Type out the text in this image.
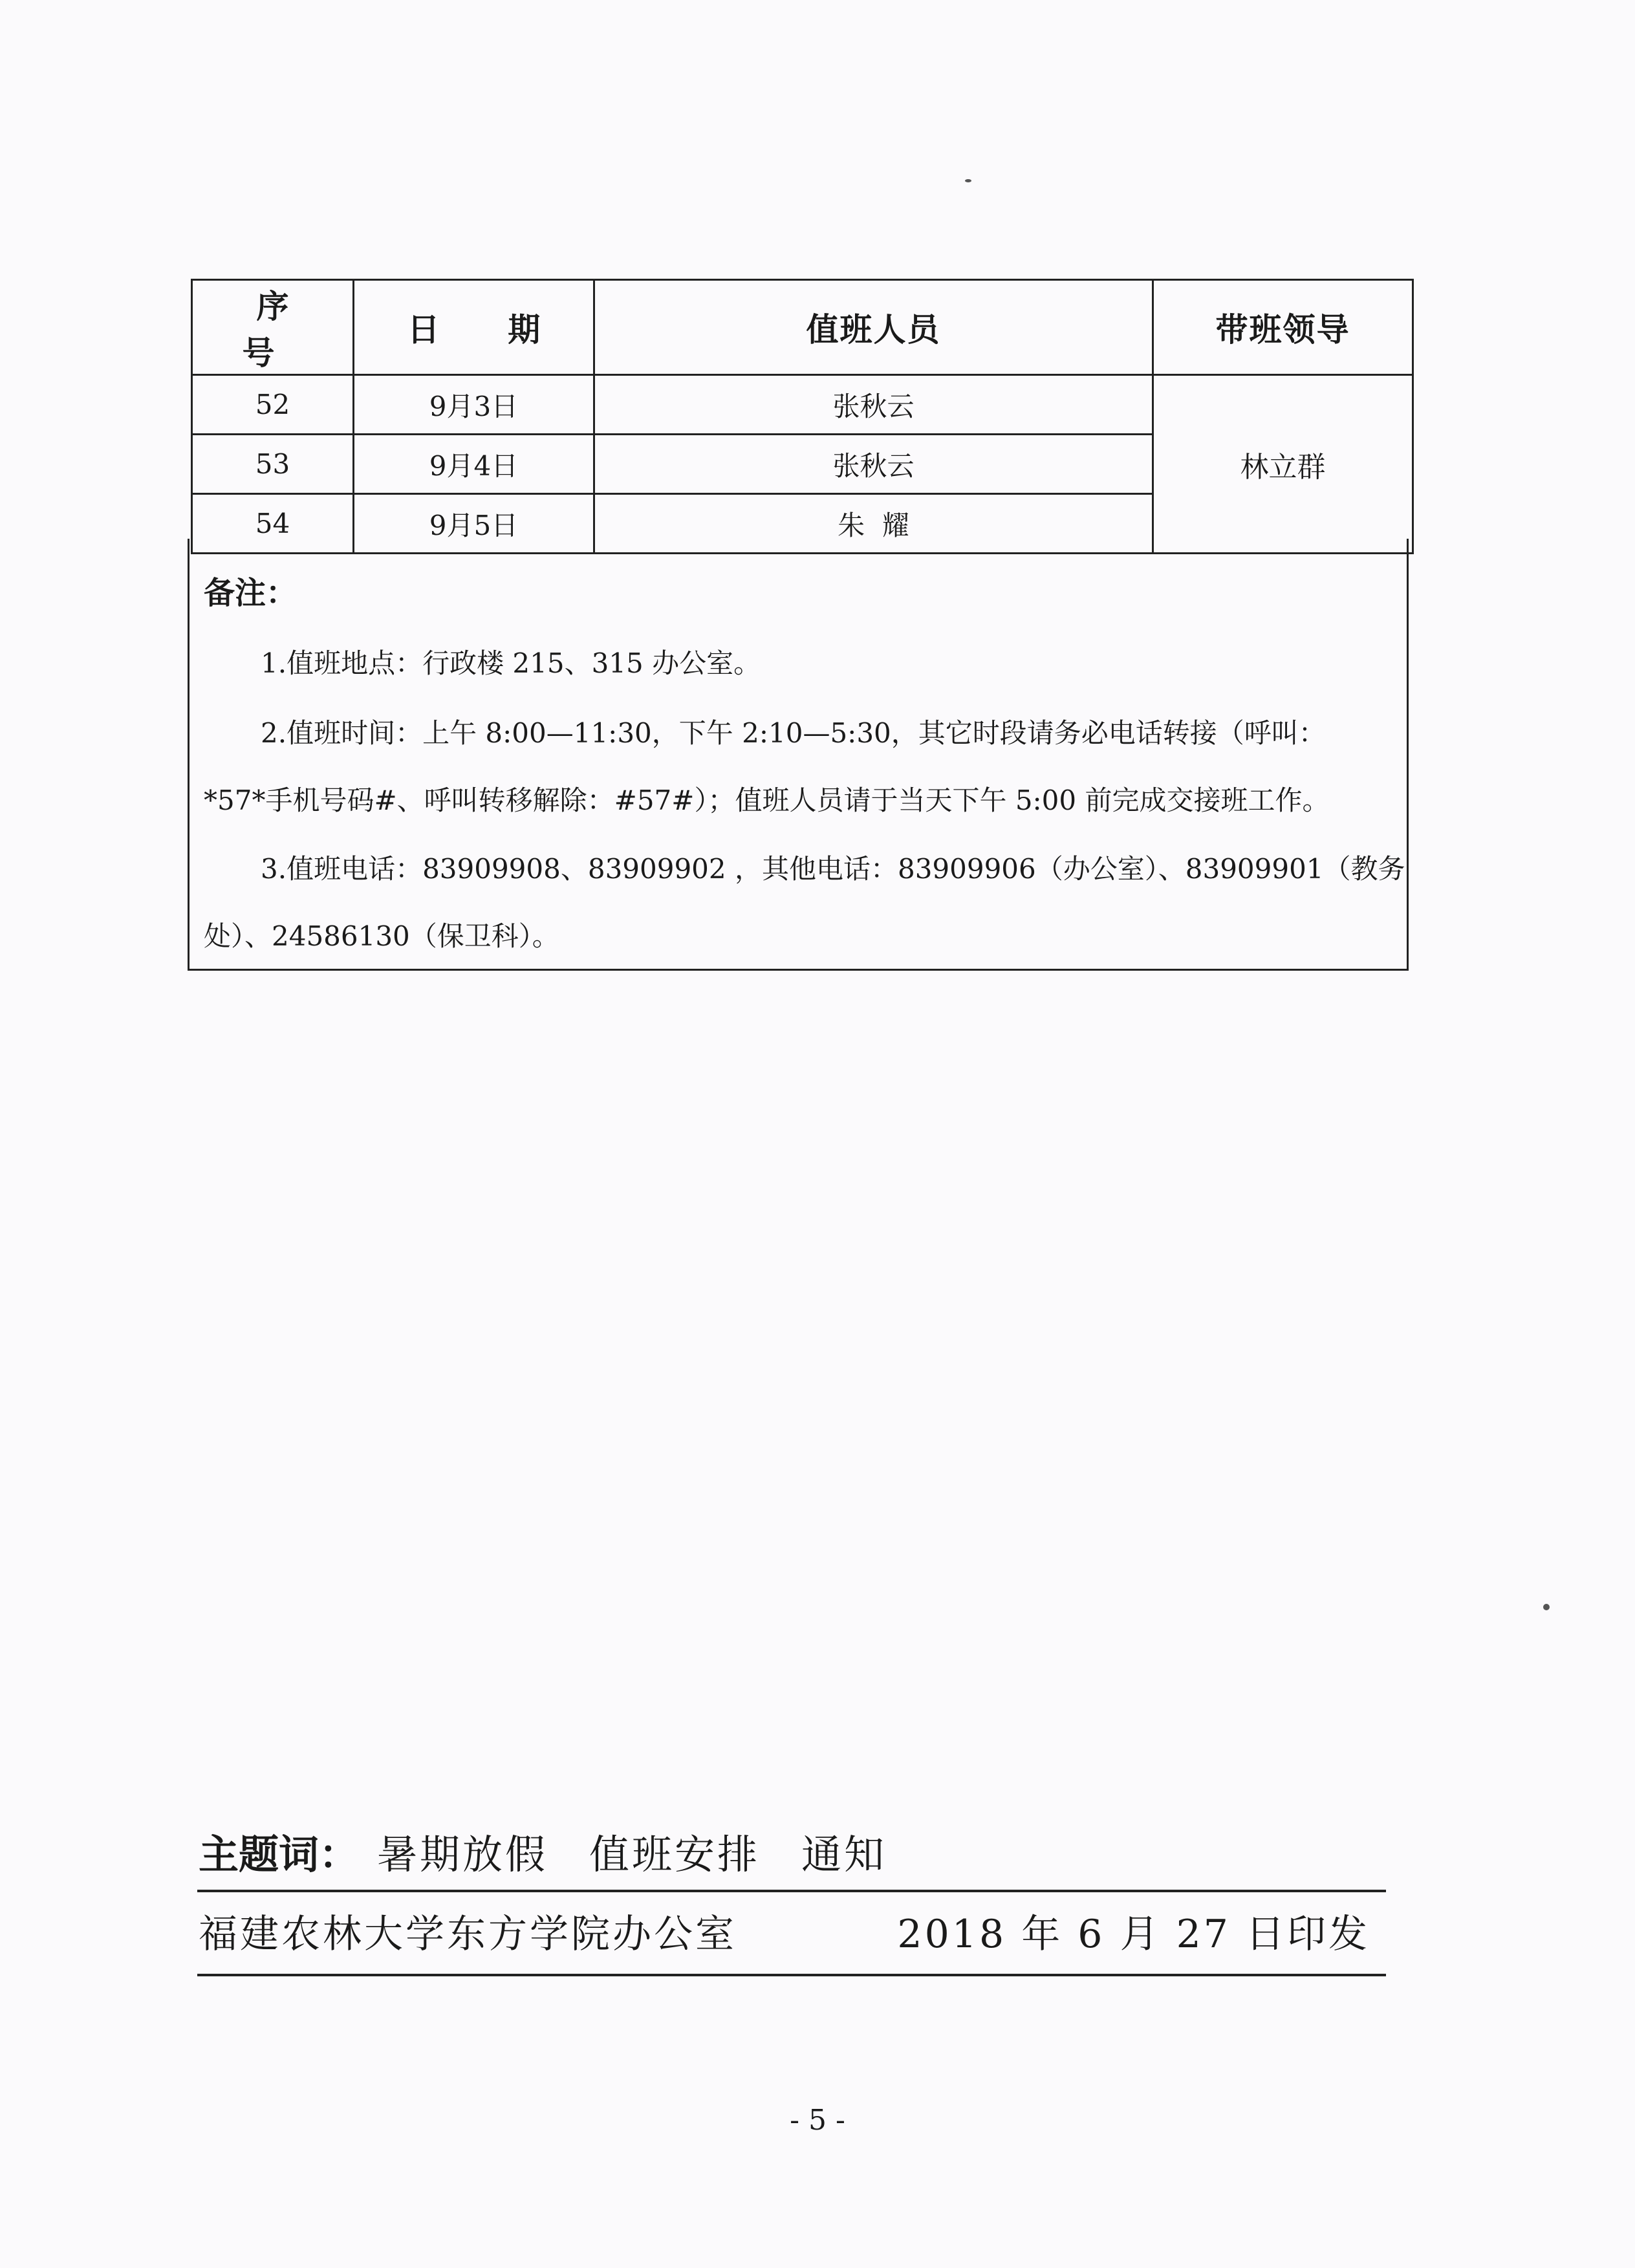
序 号	日 期	值班人员	带班领导
52	9月3日	张秋云	林立群
53	9月4日	张秋云	
54	9月5日	朱  耀	
备注：
1.值班地点：行政楼 215、315 办公室。
2.值班时间：上午 8:00—11:30，下午 2:10—5:30，其它时段请务必电话转接（呼叫：
*57*手机号码#、呼叫转移解除：#57#）；值班人员请于当天下午 5:00 前完成交接班工作。
3.值班电话：83909908、83909902 ，其他电话：83909906（办公室）、83909901（教务
处）、24586130（保卫科）。
主题词： 暑期放假 值班安排 通知
福建农林大学东方学院办公室	2018 年 6 月 27 日印发
- 5 -
